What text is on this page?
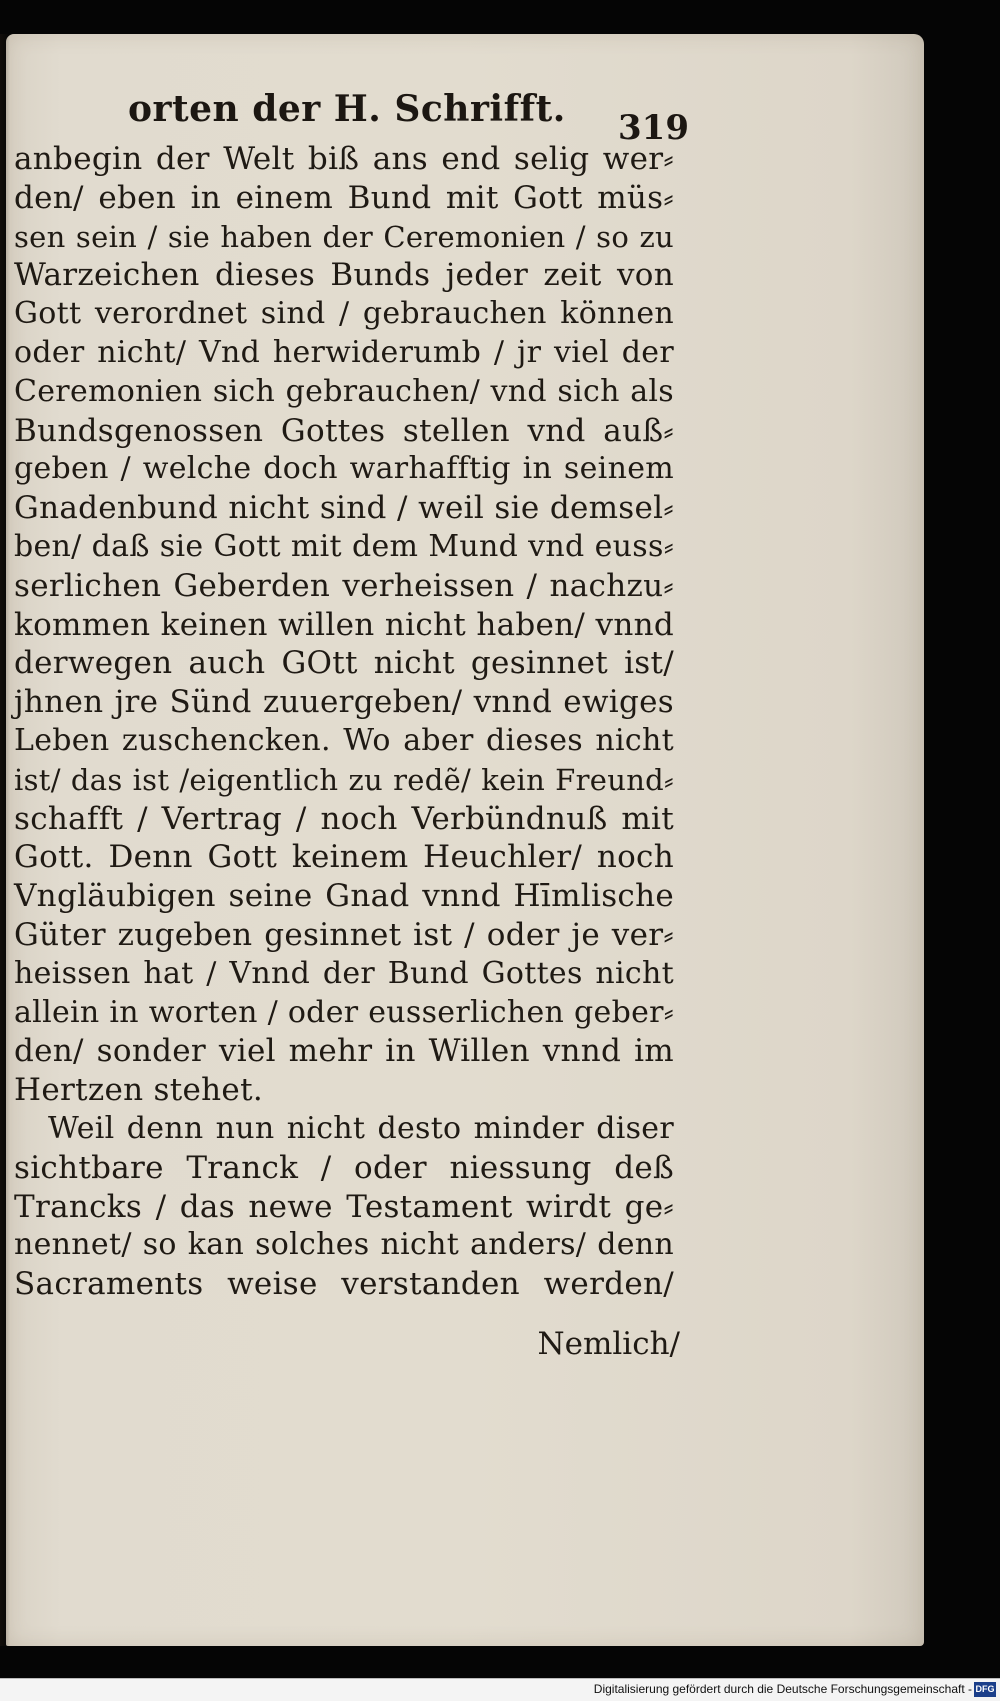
orten der H. Schrifft. 319
anbegin der Welt biß ans end selig wer⸗
den/ eben in einem Bund mit Gott müs⸗
sen sein / sie haben der Ceremonien / so zu
Warzeichen dieses Bunds jeder zeit von
Gott verordnet sind / gebrauchen können
oder nicht/ Vnd herwiderumb / jr viel der
Ceremonien sich gebrauchen/ vnd sich als
Bundsgenossen Gottes stellen vnd auß⸗
geben / welche doch warhafftig in seinem
Gnadenbund nicht sind / weil sie demsel⸗
ben/ daß sie Gott mit dem Mund vnd euss⸗
serlichen Geberden verheissen / nachzu⸗
kommen keinen willen nicht haben/ vnnd
derwegen auch GOtt nicht gesinnet ist/
jhnen jre Sünd zuuergeben/ vnnd ewiges
Leben zuschencken. Wo aber dieses nicht
ist/ das ist /eigentlich zu redẽ/ kein Freund⸗
schafft / Vertrag / noch Verbündnuß mit
Gott. Denn Gott keinem Heuchler/ noch
Vngläubigen seine Gnad vnnd Hīmlische
Güter zugeben gesinnet ist / oder je ver⸗
heissen hat / Vnnd der Bund Gottes nicht
allein in worten / oder eusserlichen geber⸗
den/ sonder viel mehr in Willen vnnd im
Hertzen stehet.
Weil denn nun nicht desto minder diser
sichtbare Tranck / oder niessung deß
Trancks / das newe Testament wirdt ge⸗
nennet/ so kan solches nicht anders/ denn
Sacraments weise verstanden werden/
Nemlich/
Digitalisierung gefördert durch die Deutsche Forschungsgemeinschaft - DFG
